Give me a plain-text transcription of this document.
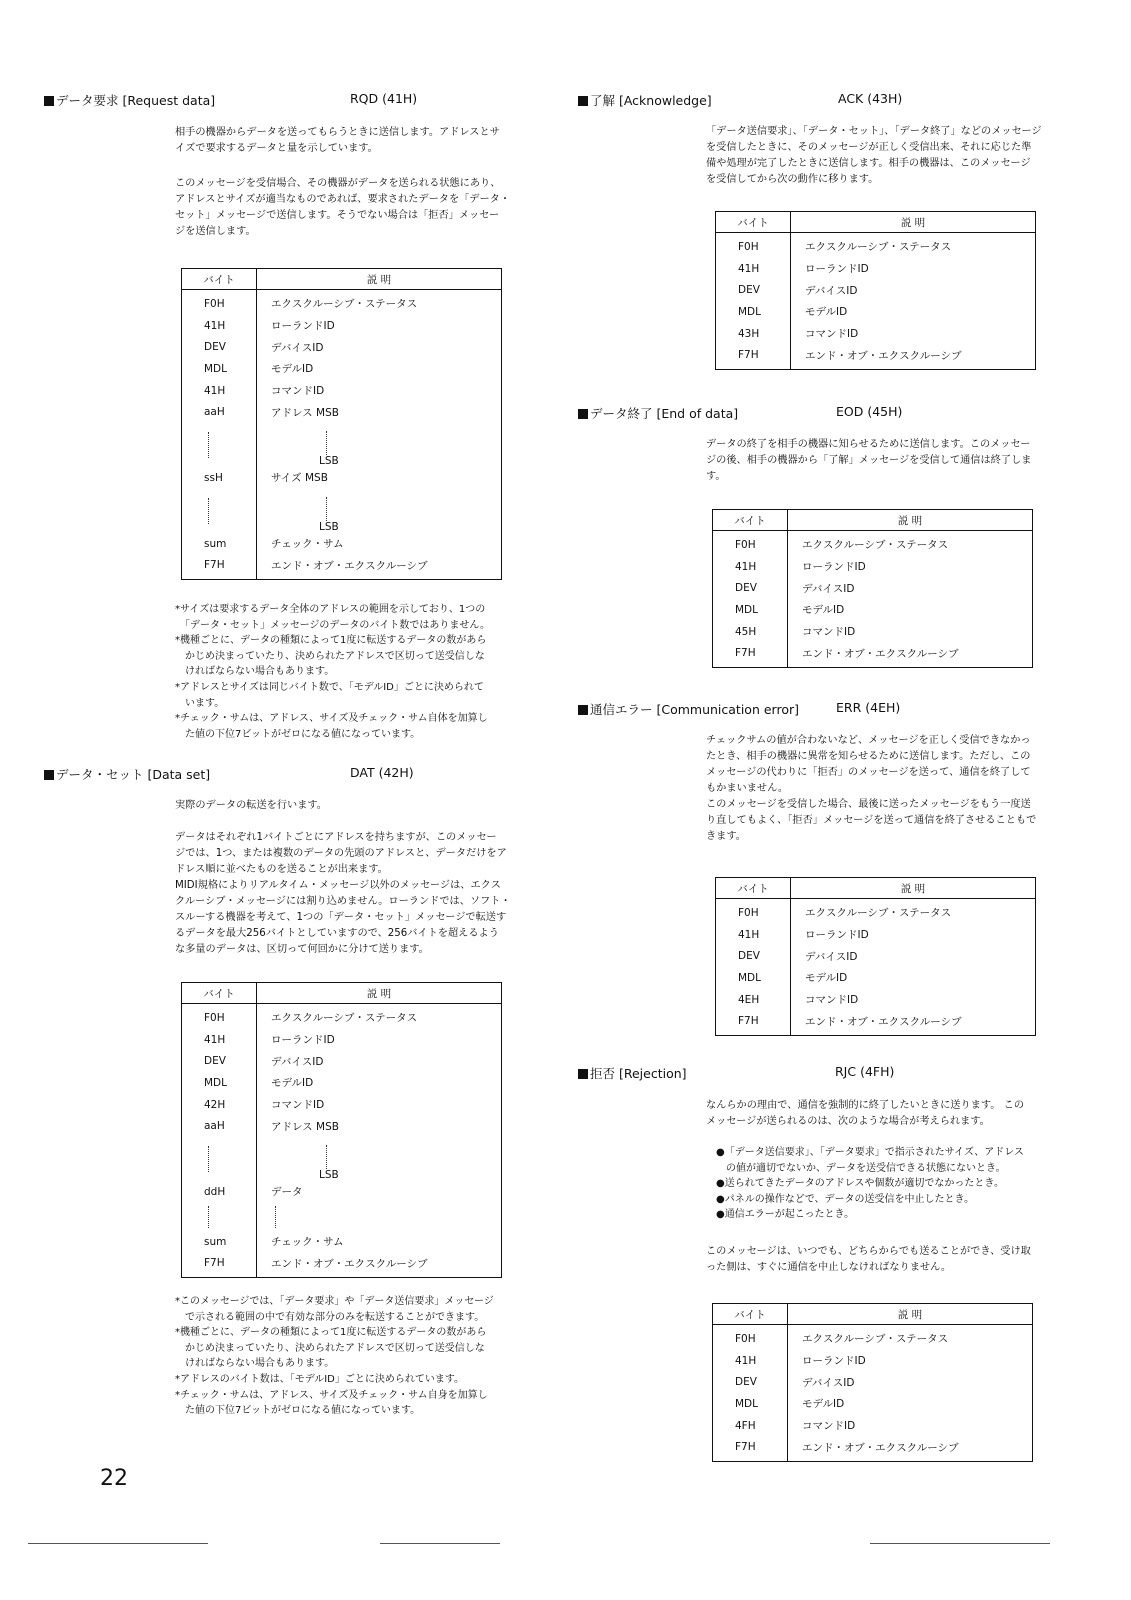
データ要求 [Request data]	RQD (41H)
相手の機器からデータを送ってもらうときに送信します。アドレスとサ
イズで要求するデータと量を示しています。
このメッセージを受信場合、その機器がデータを送られる状態にあり、
アドレスとサイズが適当なものであれば、要求されたデータを「データ・
セット」メッセージで送信します。そうでない場合は「拒否」メッセー
ジを送信します。
バイト	説 明
F0H	エクスクルーシブ・ステータス
41H	ローランドID
DEV	デバイスID
MDL	モデルID
41H	コマンドID
aaH	アドレス MSB

LSB
ssH	サイズ MSB

LSB
sum	チェック・サム
F7H	エンド・オブ・エクスクルーシブ
*サイズは要求するデータ全体のアドレスの範囲を示しており、1つの
　「データ・セット」メッセージのデータのバイト数ではありません。
*機種ごとに、データの種類によって1度に転送するデータの数があら
　かじめ決まっていたり、決められたアドレスで区切って送受信しな
　ければならない場合もあります。
*アドレスとサイズは同じバイト数で、「モデルID」ごとに決められて
　います。
*チェック・サムは、アドレス、サイズ及チェック・サム自体を加算し
　た値の下位7ビットがゼロになる値になっています。
データ・セット [Data set]	DAT (42H)
実際のデータの転送を行います。
データはそれぞれ1バイトごとにアドレスを持ちますが、このメッセー
ジでは、1つ、または複数のデータの先頭のアドレスと、データだけをア
ドレス順に並べたものを送ることが出来ます。
MIDI規格によりリアルタイム・メッセージ以外のメッセージは、エクス
クルーシブ・メッセージには割り込めません。ローランドでは、ソフト・
スルーする機器を考えて、1つの「データ・セット」メッセージで転送す
るデータを最大256バイトとしていますので、256バイトを超えるよう
な多量のデータは、区切って何回かに分けて送ります。
バイト	説 明
F0H	エクスクルーシブ・ステータス
41H	ローランドID
DEV	デバイスID
MDL	モデルID
42H	コマンドID
aaH	アドレス MSB

LSB
ddH	データ

sum	チェック・サム
F7H	エンド・オブ・エクスクルーシブ
*このメッセージでは、「データ要求」や「データ送信要求」メッセージ
　で示される範囲の中で有効な部分のみを転送することができます。
*機種ごとに、データの種類によって1度に転送するデータの数があら
　かじめ決まっていたり、決められたアドレスで区切って送受信しな
　ければならない場合もあります。
*アドレスのバイト数は、「モデルID」ごとに決められています。
*チェック・サムは、アドレス、サイズ及チェック・サム自身を加算し
　た値の下位7ビットがゼロになる値になっています。
22
了解 [Acknowledge]	ACK (43H)
「データ送信要求」、「データ・セット」、「データ終了」などのメッセージ
を受信したときに、そのメッセージが正しく受信出来、それに応じた準
備や処理が完了したときに送信します。相手の機器は、このメッセージ
を受信してから次の動作に移ります。
バイト	説 明
F0H	エクスクルーシブ・ステータス
41H	ローランドID
DEV	デバイスID
MDL	モデルID
43H	コマンドID
F7H	エンド・オブ・エクスクルーシブ
データ終了 [End of data]	EOD (45H)
データの終了を相手の機器に知らせるために送信します。このメッセー
ジの後、相手の機器から「了解」メッセージを受信して通信は終了しま
す。
バイト	説 明
F0H	エクスクルーシブ・ステータス
41H	ローランドID
DEV	デバイスID
MDL	モデルID
45H	コマンドID
F7H	エンド・オブ・エクスクルーシブ
通信エラー [Communication error]	ERR (4EH)
チェックサムの値が合わないなど、メッセージを正しく受信できなかっ
たとき、相手の機器に異常を知らせるために送信します。ただし、この
メッセージの代わりに「拒否」のメッセージを送って、通信を終了して
もかまいません。
このメッセージを受信した場合、最後に送ったメッセージをもう一度送
り直してもよく、「拒否」メッセージを送って通信を終了させることもで
きます。
バイト	説 明
F0H	エクスクルーシブ・ステータス
41H	ローランドID
DEV	デバイスID
MDL	モデルID
4EH	コマンドID
F7H	エンド・オブ・エクスクルーシブ
拒否 [Rejection]	RJC (4FH)
なんらかの理由で、通信を強制的に終了したいときに送ります。 この
メッセージが送られるのは、次のような場合が考えられます。
●「データ送信要求」、「データ要求」で指示されたサイズ、アドレス
　の値が適切でないか、データを送受信できる状態にないとき。
●送られてきたデータのアドレスや個数が適切でなかったとき。
●パネルの操作などで、データの送受信を中止したとき。
●通信エラーが起こったとき。
このメッセージは、いつでも、どちらからでも送ることができ、受け取
った側は、すぐに通信を中止しなければなりません。
バイト	説 明
F0H	エクスクルーシブ・ステータス
41H	ローランドID
DEV	デバイスID
MDL	モデルID
4FH	コマンドID
F7H	エンド・オブ・エクスクルーシブ
